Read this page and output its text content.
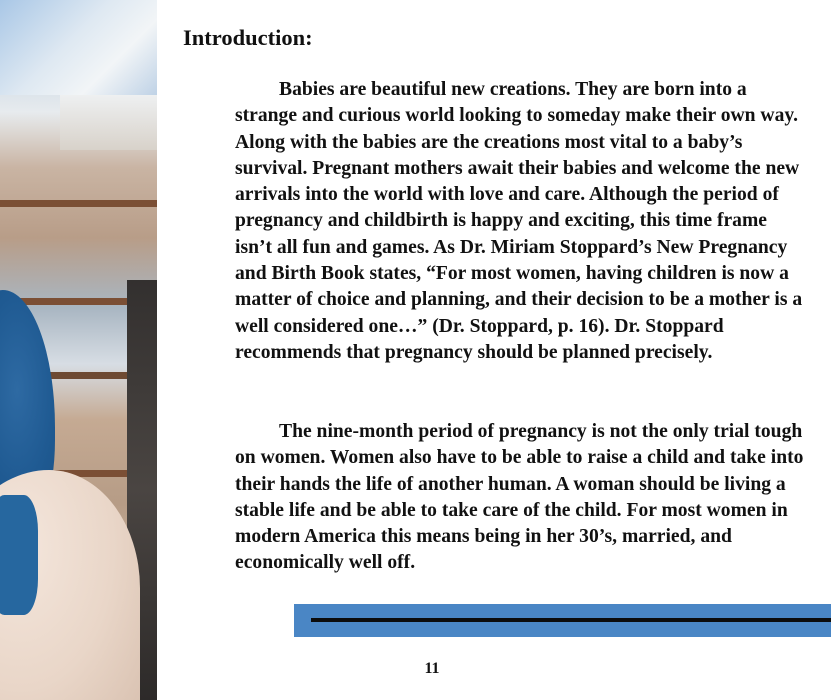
Introduction:

Babies are beautiful new creations. They are born into a strange and curious world looking to someday make their own way. Along with the babies are the creations most vital to a baby’s survival. Pregnant mothers await their babies and welcome the new arrivals into the world with love and care. Although the period of pregnancy and childbirth is happy and exciting, this time frame isn’t all fun and games. As Dr. Miriam Stoppard’s New Pregnancy and Birth Book states, “For most women, having children is now a matter of choice and planning, and their decision to be a mother is a well considered one…” (Dr. Stoppard, p. 16). Dr. Stoppard recommends that pregnancy should be planned precisely.

The nine-month period of pregnancy is not the only trial tough on women. Women also have to be able to raise a child and take into their hands the life of another human. A woman should be living a stable life and be able to take care of the child. For most women in modern America this means being in her 30’s, married, and economically well off.

11
